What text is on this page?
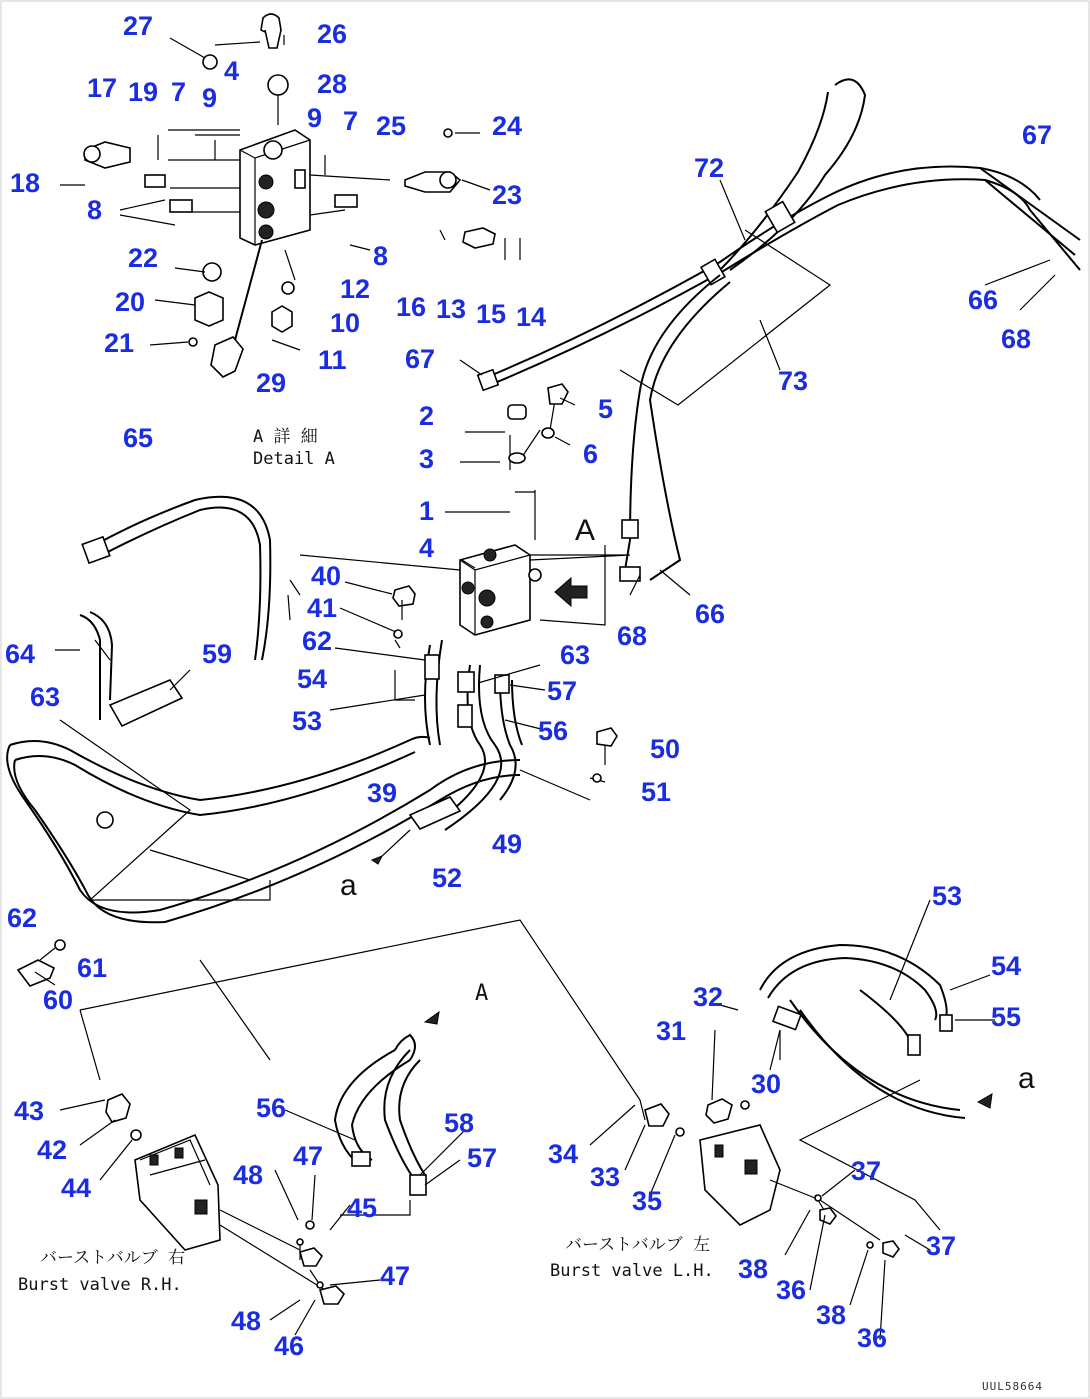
27	26
4	28
17 19 7 9
9 7 25	24
18	23
8
22	8
12
16 13 15 14
20
10
21
11
29
67
72
67
66
68
73
5
2
6
3
65
1
4
40
41
62	68
66
64	59
54
63
63
57
53	56
50
39	51
49
52
62
53
54
61
32
60
55
31
30
43	56	58
42	47	57 34
37
44	48
45
33
35
47	38
37
36
38
48
46	36
A 詳 細
Detail A
A
a
a
A
バーストバルブ 右
Burst valve R.H.
バーストバルブ 左
Burst valve L.H.
UUL58664
